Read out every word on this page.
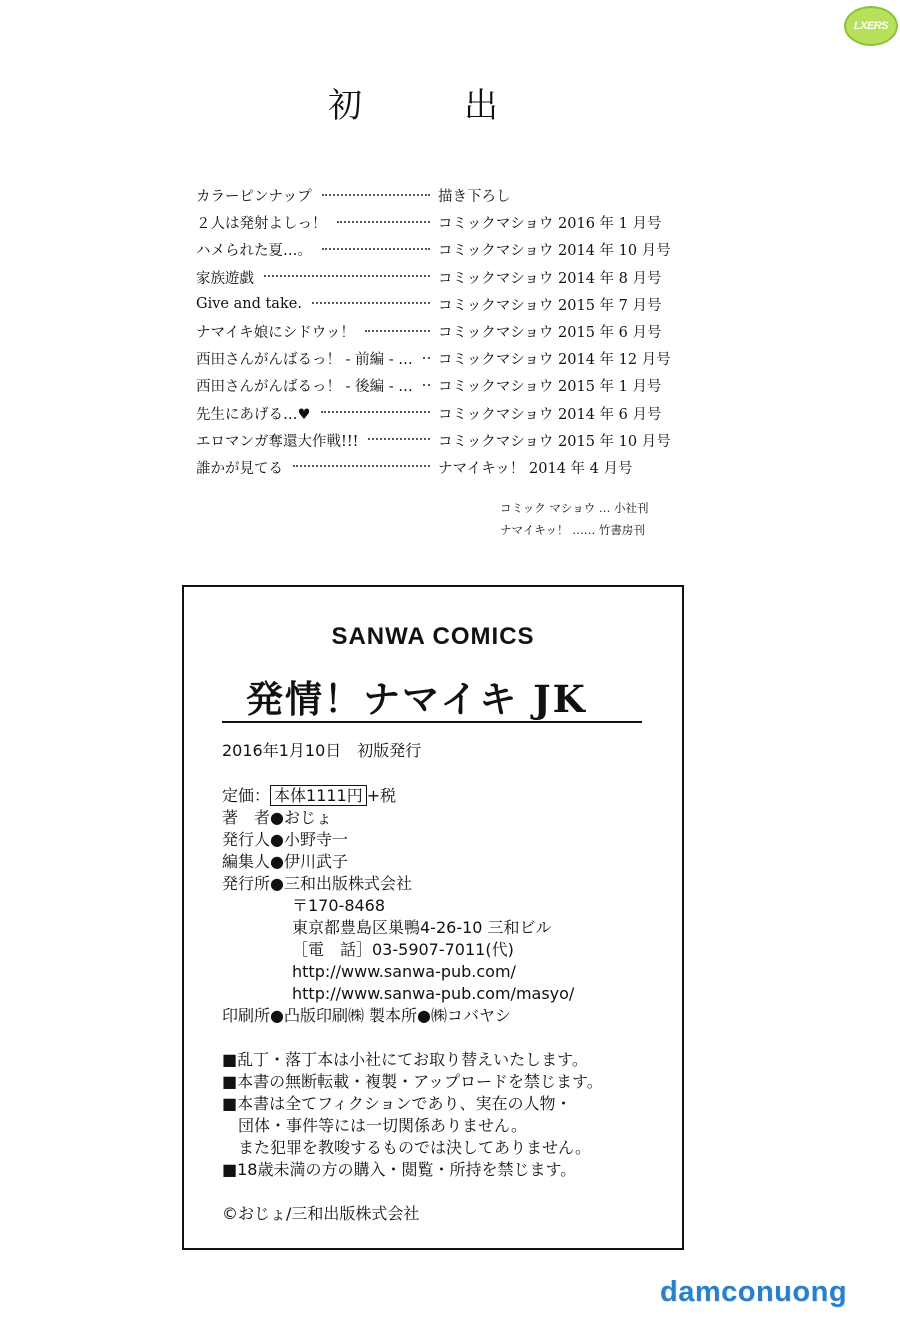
LXERS
初　出
カラーピンナップ	描き下ろし
２人は発射よしっ！	コミックマショウ 2016 年 1 月号
ハメられた夏…。	コミックマショウ 2014 年 10 月号
家族遊戯	コミックマショウ 2014 年 8 月号
Give and take.	コミックマショウ 2015 年 7 月号
ナマイキ娘にシドウッ！	コミックマショウ 2015 年 6 月号
西田さんがんばるっ！ - 前編 - … コミックマショウ 2014 年 12 月号
西田さんがんばるっ！ - 後編 - … コミックマショウ 2015 年 1 月号
先生にあげる…♥	コミックマショウ 2014 年 6 月号
エロマンガ奪還大作戦!!!	コミックマショウ 2015 年 10 月号
誰かが見てる	ナマイキッ！ 2014 年 4 月号
コミック マショウ … 小社刊
ナマイキッ！ …… 竹書房刊
SANWA COMICS
発情！ナマイキ JK
2016年1月10日　初版発行
定価： 本体1111円 +税
著　者●おじょ
発行人●小野寺一
編集人●伊川武子
発行所●三和出版株式会社
〒170-8468
東京都豊島区巣鴨4-26-10 三和ビル
［電　話］03-5907-7011(代)
http://www.sanwa-pub.com/
http://www.sanwa-pub.com/masyo/
印刷所●凸版印刷㈱ 製本所●㈱コバヤシ
■乱丁・落丁本は小社にてお取り替えいたします。
■本書の無断転載・複製・アップロードを禁じます。
■本書は全てフィクションであり、実在の人物・
団体・事件等には一切関係ありません。
また犯罪を教唆するものでは決してありません。
■18歳未満の方の購入・閲覧・所持を禁じます。
©おじょ/三和出版株式会社
damconuong
